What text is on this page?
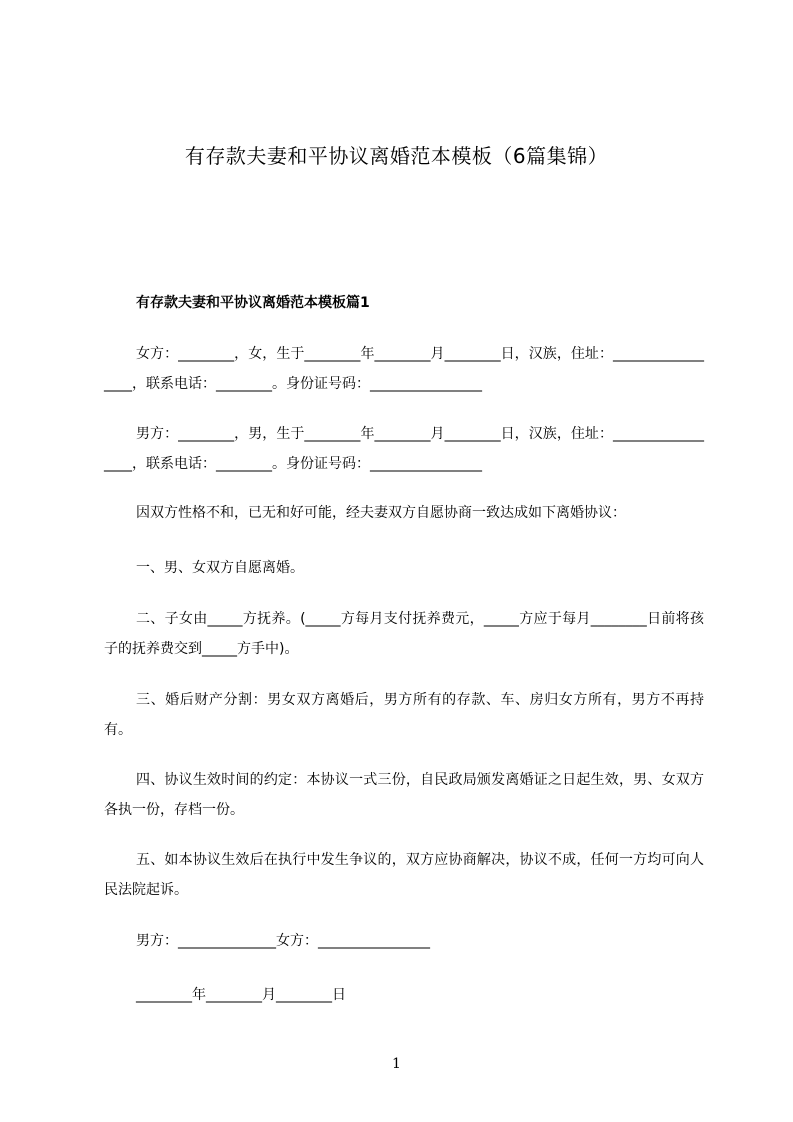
有存款夫妻和平协议离婚范本模板（6篇集锦）
有存款夫妻和平协议离婚范本模板篇1

女方：________，女，生于________年________月________日，汉族，住址：_________________，联系电话：________。身份证号码：________________

男方：________，男，生于________年________月________日，汉族，住址：_________________，联系电话：________。身份证号码：________________

因双方性格不和，已无和好可能，经夫妻双方自愿协商一致达成如下离婚协议：

一、男、女双方自愿离婚。

二、子女由_____方抚养。(_____方每月支付抚养费元，_____方应于每月________日前将孩子的抚养费交到_____方手中)。

三、婚后财产分割：男女双方离婚后，男方所有的存款、车、房归女方所有，男方不再持有。

四、协议生效时间的约定：本协议一式三份，自民政局颁发离婚证之日起生效，男、女双方各执一份，存档一份。

五、如本协议生效后在执行中发生争议的，双方应协商解决，协议不成，任何一方均可向人民法院起诉。

男方：______________女方：________________

________年________月________日

1
